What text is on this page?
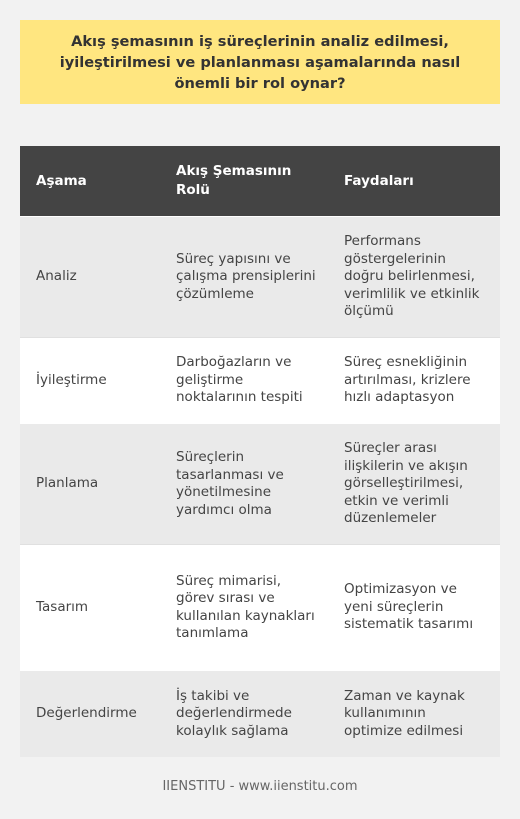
Akış şemasının iş süreçlerinin analiz edilmesi, iyileştirilmesi ve planlanması aşamalarında nasıl önemli bir rol oynar?
Aşama	Akış Şemasının Rolü	Faydaları
Analiz	Süreç yapısını ve çalışma prensiplerini çözümleme	Performans göstergelerinin doğru belirlenmesi, verimlilik ve etkinlik ölçümü
İyileştirme	Darboğazların ve geliştirme noktalarının tespiti	Süreç esnekliğinin artırılması, krizlere hızlı adaptasyon
Planlama	Süreçlerin tasarlanması ve yönetilmesine yardımcı olma	Süreçler arası ilişkilerin ve akışın görselleştirilmesi, etkin ve verimli düzenlemeler
Tasarım	Süreç mimarisi, görev sırası ve kullanılan kaynakları tanımlama	Optimizasyon ve yeni süreçlerin sistematik tasarımı
Değerlendirme	İş takibi ve değerlendirmede kolaylık sağlama	Zaman ve kaynak kullanımının optimize edilmesi
IIENSTITU - www.iienstitu.com
